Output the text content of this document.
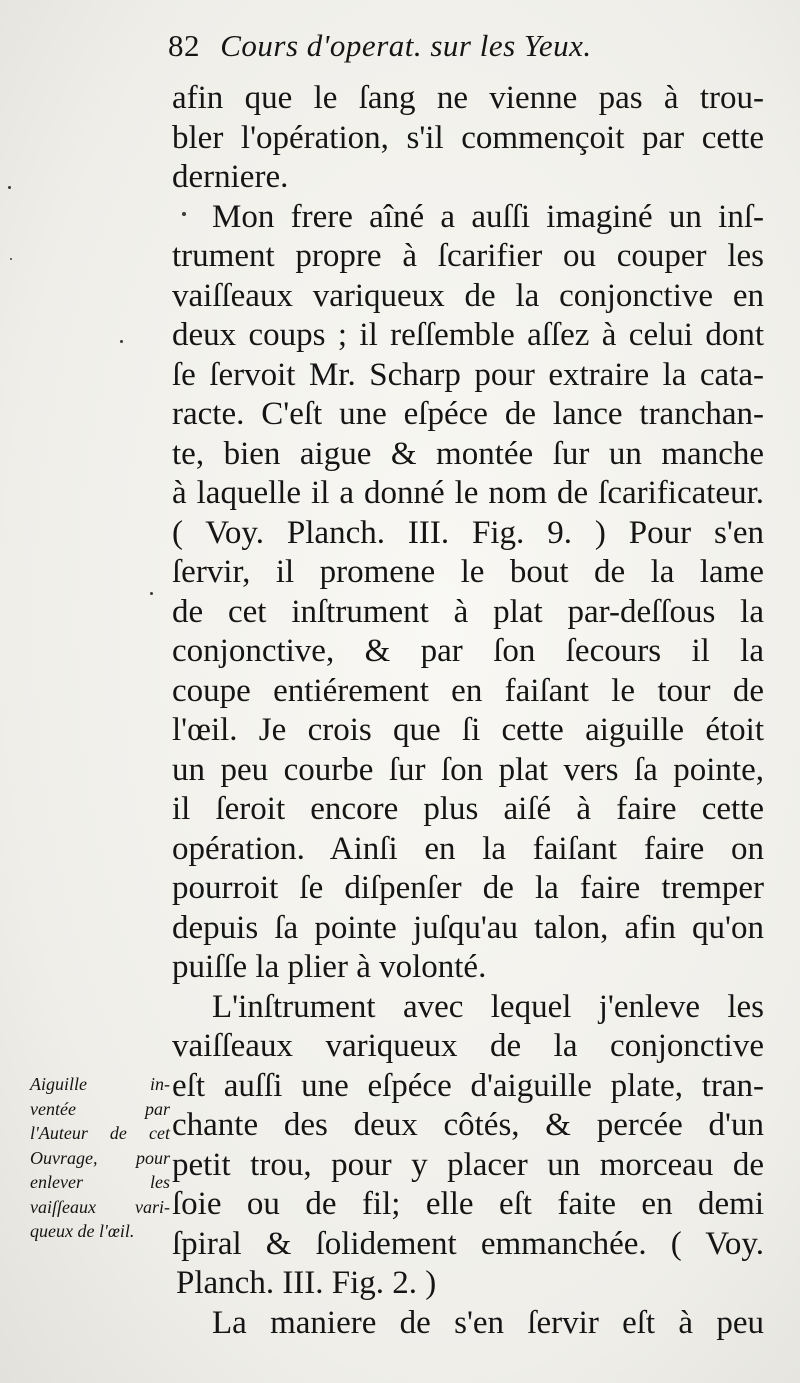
82 Cours d'operat. sur les Yeux.
afin que le ſang ne vienne pas à trou-
bler l'opération, s'il commençoit par cette
derniere.
Mon frere aîné a auſſi imaginé un inſ-
trument propre à ſcarifier ou couper les
vaiſſeaux variqueux de la conjonctive en
deux coups ; il reſſemble aſſez à celui dont
ſe ſervoit Mr. Scharp pour extraire la cata-
racte. C'eſt une eſpéce de lance tranchan-
te, bien aigue & montée ſur un manche
à laquelle il a donné le nom de ſcarificateur.
( Voy. Planch. III. Fig. 9. ) Pour s'en
ſervir, il promene le bout de la lame
de cet inſtrument à plat par-deſſous la
conjonctive, & par ſon ſecours il la
coupe entiérement en faiſant le tour de
l'œil. Je crois que ſi cette aiguille étoit
un peu courbe ſur ſon plat vers ſa pointe,
il ſeroit encore plus aiſé à faire cette
opération. Ainſi en la faiſant faire on
pourroit ſe diſpenſer de la faire tremper
depuis ſa pointe juſqu'au talon, afin qu'on
puiſſe la plier à volonté.
L'inſtrument avec lequel j'enleve les
vaiſſeaux variqueux de la conjonctive
eſt auſſi une eſpéce d'aiguille plate, tran-
chante des deux côtés, & percée d'un
petit trou, pour y placer un morceau de
ſoie ou de fil; elle eſt faite en demi
ſpiral & ſolidement emmanchée. ( Voy.
Planch. III. Fig. 2. )
La maniere de s'en ſervir eſt à peu
Aiguille in-
ventée par
l'Auteur de cet
Ouvrage, pour
enlever les
vaiſſeaux vari-
queux de l'œil.
